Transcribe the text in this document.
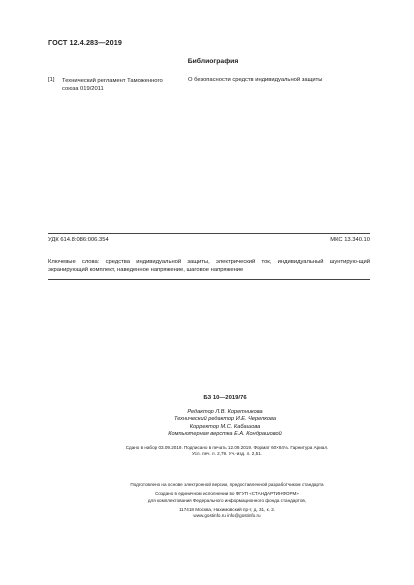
ГОСТ 12.4.283—2019
Библиография
[1] Технический регламент Таможенного
союза 019/2011
О безопасности средств индивидуальной защиты
УДК 614.8:086:006.354	МКС 13.340.10
Ключевые слова: средства индивидуальной защиты, электрический ток, индивидуальный шунтирую-щий экранирующий комплект, наведенное напряжение, шаговое напряжение
БЗ 10—2019/76
Редактор Л.В. Коретникова
Технический редактор И.Е. Черепкова
Корректор М.С. Кабашова
Компьютерная верстка Е.А. Кондрашовой
Сдано в набор 03.09.2019. Подписано в печать 12.09.2019. Формат 60×84⅛. Гарнитура Ариал.
Усл. печ. л. 2,79. Уч.-изд. л. 2,51.
Подготовлено на основе электронной версии, предоставленной разработчиком стандарта
Создано в единичном исполнении во ФГУП «СТАНДАРТИНФОРМ»
для комплектования Федерального информационного фонда стандартов,
117418 Москва, Нахимовский пр-т, д. 31, к. 2.
www.gostinfo.ru info@gostinfo.ru
